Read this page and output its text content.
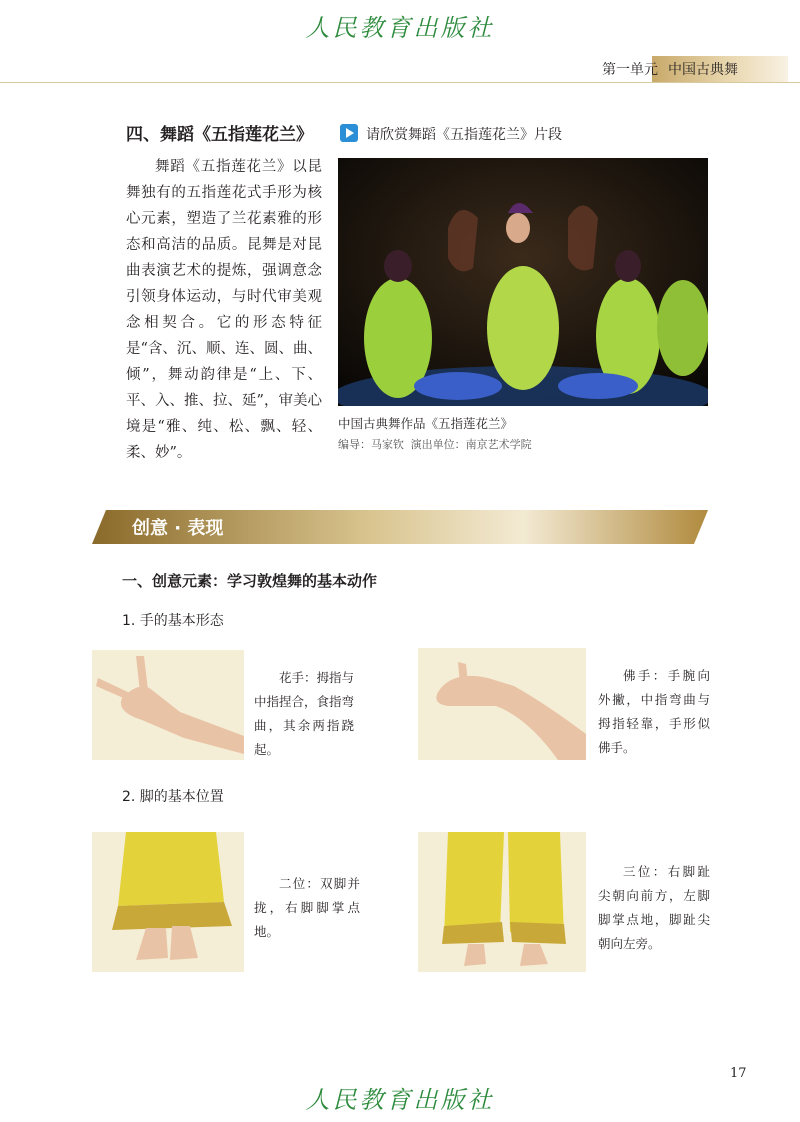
人民教育出版社
第一单元 中国古典舞
四、舞蹈《五指莲花兰》
舞蹈《五指莲花兰》以昆舞独有的五指莲花式手形为核心元素，塑造了兰花素雅的形态和高洁的品质。昆舞是对昆曲表演艺术的提炼，强调意念引领身体运动，与时代审美观念相契合。它的形态特征是“含、沉、顺、连、圆、曲、倾”，舞动韵律是“上、下、平、入、推、拉、延”，审美心境是“雅、纯、松、飘、轻、柔、妙”。
请欣赏舞蹈《五指莲花兰》片段
中国古典舞作品《五指莲花兰》
编导：马家钦 演出单位：南京艺术学院
创意 · 表现
一、创意元素：学习敦煌舞的基本动作
1. 手的基本形态
花手：拇指与中指捏合，食指弯曲，其余两指跷起。
佛手：手腕向外撇，中指弯曲与拇指轻靠，手形似佛手。
2. 脚的基本位置
二位：双脚并拢，右脚脚掌点地。
三位：右脚趾尖朝向前方，左脚脚掌点地，脚趾尖朝向左旁。
17
人民教育出版社
